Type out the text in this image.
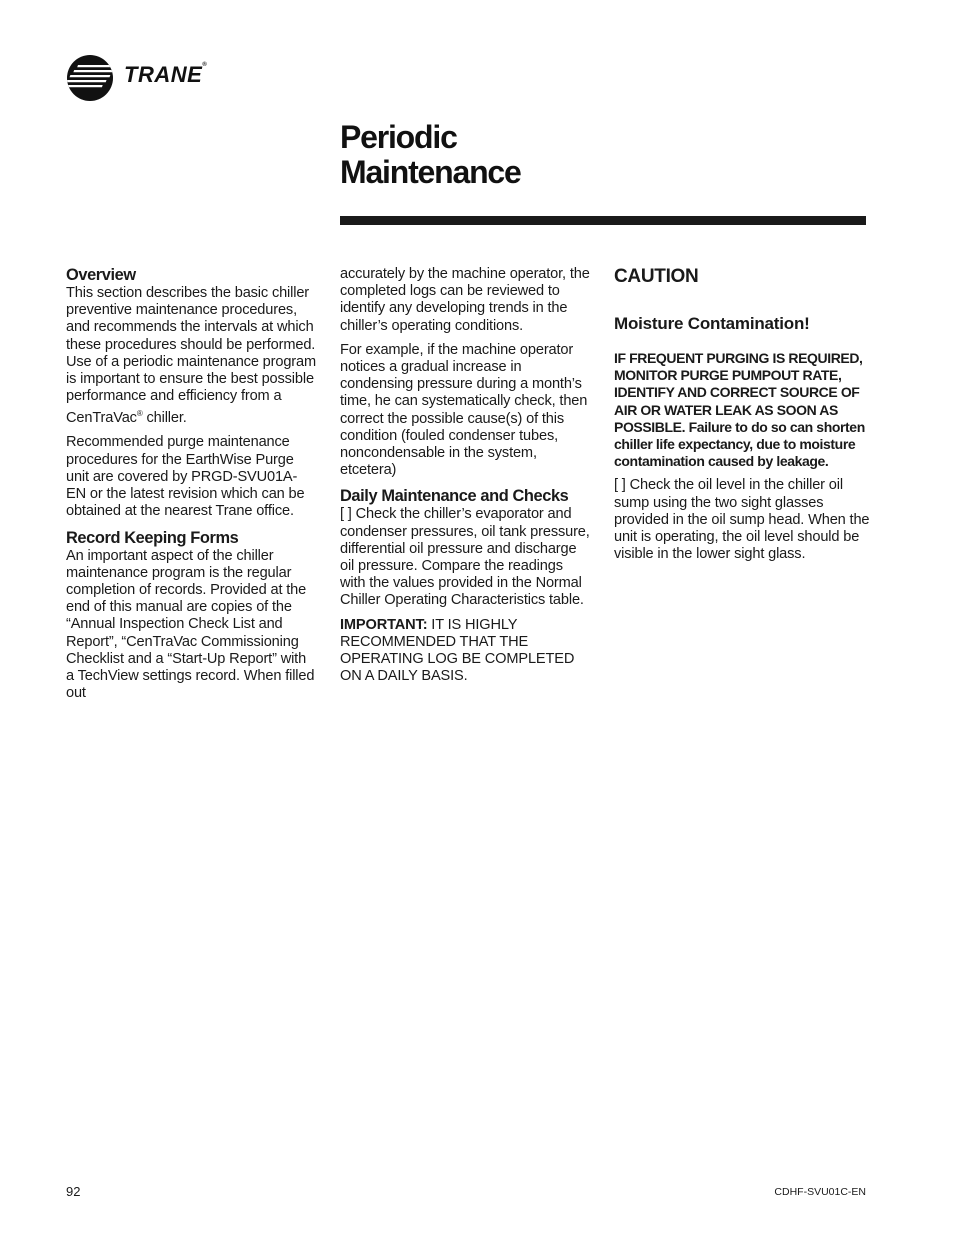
TRANE®
Periodic
Maintenance
Overview

This section describes the basic chiller preventive maintenance procedures, and recommends the intervals at which these procedures should be performed. Use of a periodic maintenance program is important to ensure the best possible performance and efficiency from a CenTraVac® chiller.

Recommended purge maintenance procedures for the EarthWise Purge unit are covered by PRGD-SVU01A-EN or the latest revision which can be obtained at the nearest Trane office.

Record Keeping Forms

An important aspect of the chiller maintenance program is the regular completion of records. Provided at the end of this manual are copies of the “Annual Inspection Check List and Report”, “CenTraVac Commissioning Checklist and a “Start-Up Report” with a TechView settings record. When filled out

accurately by the machine operator, the completed logs can be reviewed to identify any developing trends in the chiller’s operating conditions.

For example, if the machine operator notices a gradual increase in condensing pressure during a month’s time, he can systematically check, then correct the possible cause(s) of this condition (fouled condenser tubes, noncondensable in the system, etcetera)

Daily Maintenance and Checks

[ ] Check the chiller’s evaporator and condenser pressures, oil tank pressure, differential oil pressure and discharge oil pressure. Compare the readings with the values provided in the Normal Chiller Operating Characteristics table.

IMPORTANT: IT IS HIGHLY RECOMMENDED THAT THE OPERATING LOG BE COMPLETED ON A DAILY BASIS.

CAUTION
Moisture Contamination!

IF FREQUENT PURGING IS REQUIRED, MONITOR PURGE PUMPOUT RATE, IDENTIFY AND CORRECT SOURCE OF AIR OR WATER LEAK AS SOON AS POSSIBLE. Failure to do so can shorten chiller life expectancy, due to moisture contamination caused by leakage.

[ ] Check the oil level in the chiller oil sump using the two sight glasses provided in the oil sump head. When the unit is operating, the oil level should be visible in the lower sight glass.

92	CDHF-SVU01C-EN
